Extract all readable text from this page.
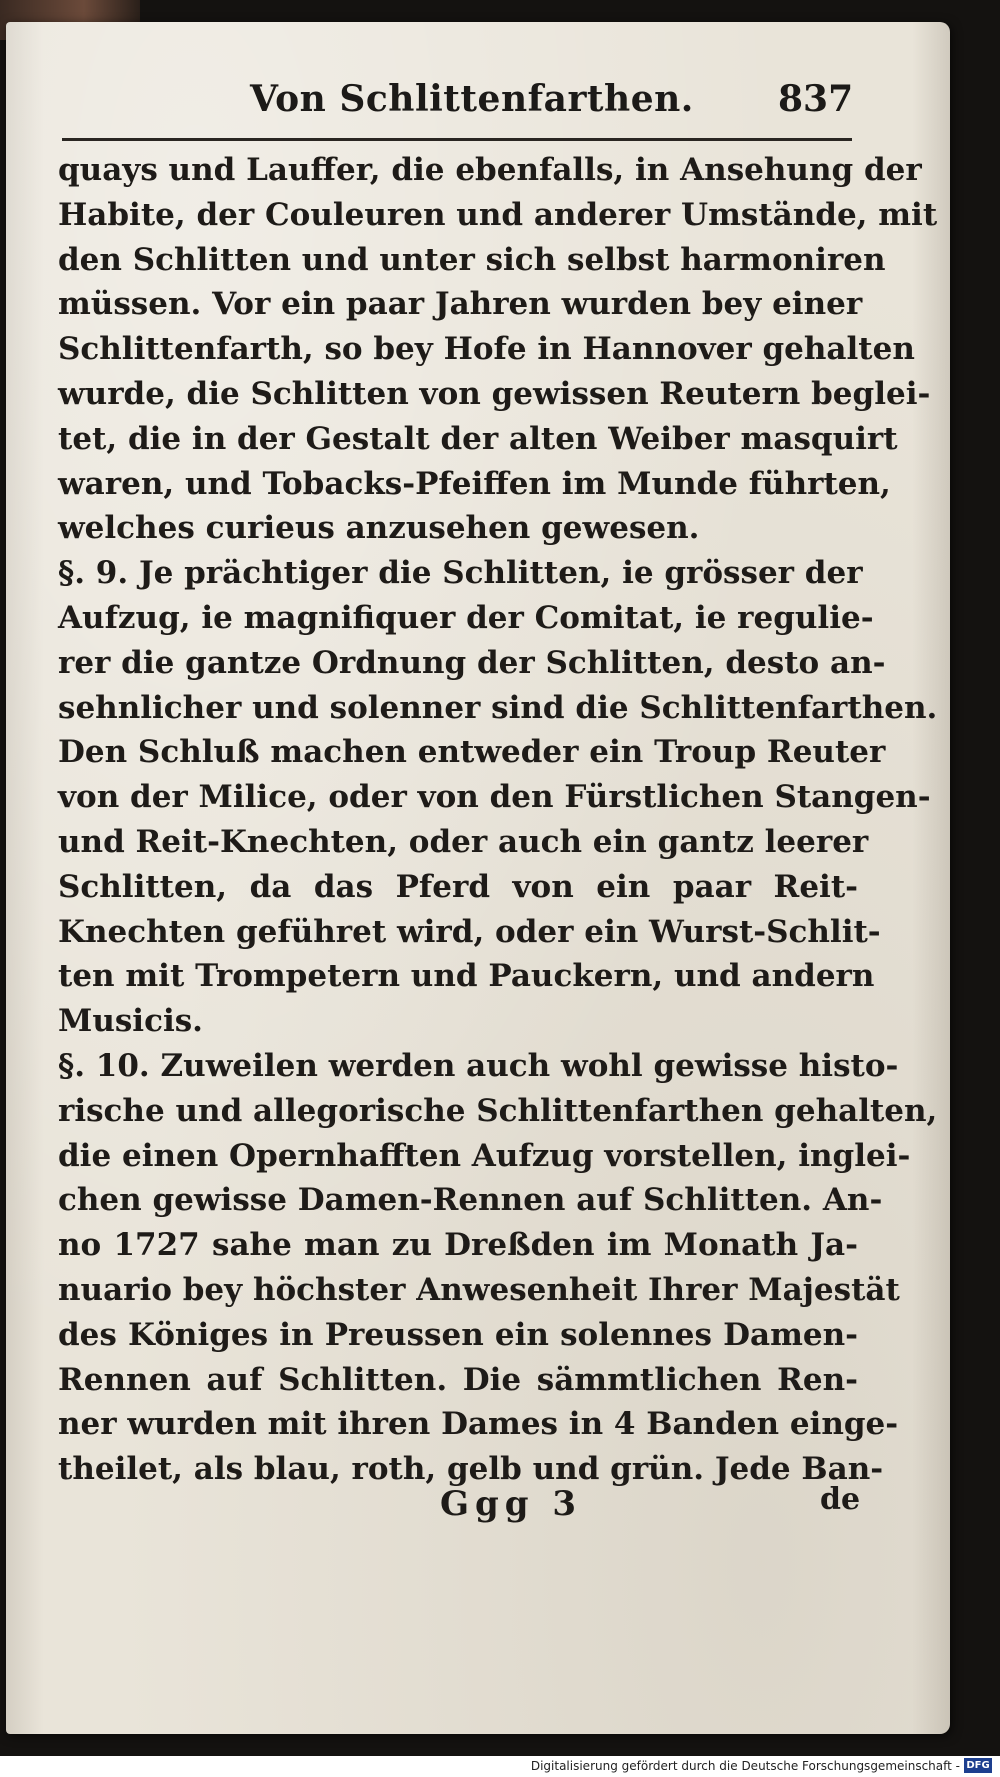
Von Schlittenfarthen. 837
quays und Lauffer, die ebenfalls, in Ansehung der
Habite, der Couleuren und anderer Umstände, mit
den Schlitten und unter sich selbst harmoniren
müssen. Vor ein paar Jahren wurden bey einer
Schlittenfarth, so bey Hofe in Hannover gehalten
wurde, die Schlitten von gewissen Reutern beglei-
tet, die in der Gestalt der alten Weiber masquirt
waren, und Tobacks-Pfeiffen im Munde führten,
welches curieus anzusehen gewesen.
§. 9. Je prächtiger die Schlitten, ie grösser der
Aufzug, ie magnifiquer der Comitat, ie regulie-
rer die gantze Ordnung der Schlitten, desto an-
sehnlicher und solenner sind die Schlittenfarthen.
Den Schluß machen entweder ein Troup Reuter
von der Milice, oder von den Fürstlichen Stangen-
und Reit-Knechten, oder auch ein gantz leerer
Schlitten, da das Pferd von ein paar Reit-
Knechten geführet wird, oder ein Wurst-Schlit-
ten mit Trompetern und Pauckern, und andern
Musicis.
§. 10. Zuweilen werden auch wohl gewisse histo-
rische und allegorische Schlittenfarthen gehalten,
die einen Opernhafften Aufzug vorstellen, inglei-
chen gewisse Damen-Rennen auf Schlitten. An-
no 1727 sahe man zu Dreßden im Monath Ja-
nuario bey höchster Anwesenheit Ihrer Majestät
des Königes in Preussen ein solennes Damen-
Rennen auf Schlitten. Die sämmtlichen Ren-
ner wurden mit ihren Dames in 4 Banden einge-
theilet, als blau, roth, gelb und grün. Jede Ban-
Ggg 3	de
Digitalisierung gefördert durch die Deutsche Forschungsgemeinschaft - DFG
